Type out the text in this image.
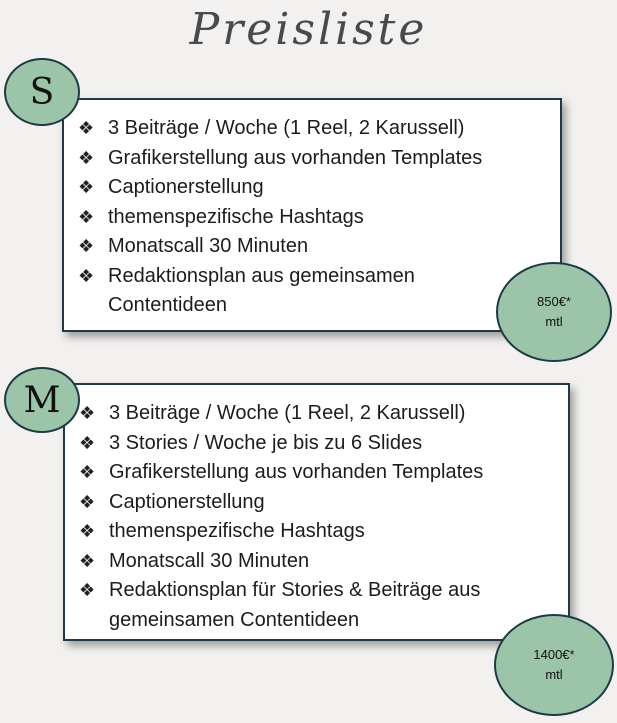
Preisliste
❖ 3 Beiträge / Woche (1 Reel, 2 Karussell)
❖ Grafikerstellung aus vorhanden Templates
❖ Captionerstellung
❖ themenspezifische Hashtags
❖ Monatscall 30 Minuten
❖ Redaktionsplan aus gemeinsamen
Contentideen
S
850€*
mtl
❖ 3 Beiträge / Woche (1 Reel, 2 Karussell)
❖ 3 Stories / Woche je bis zu 6 Slides
❖ Grafikerstellung aus vorhanden Templates
❖ Captionerstellung
❖ themenspezifische Hashtags
❖ Monatscall 30 Minuten
❖ Redaktionsplan für Stories & Beiträge aus
gemeinsamen Contentideen
M
1400€*
mtl
